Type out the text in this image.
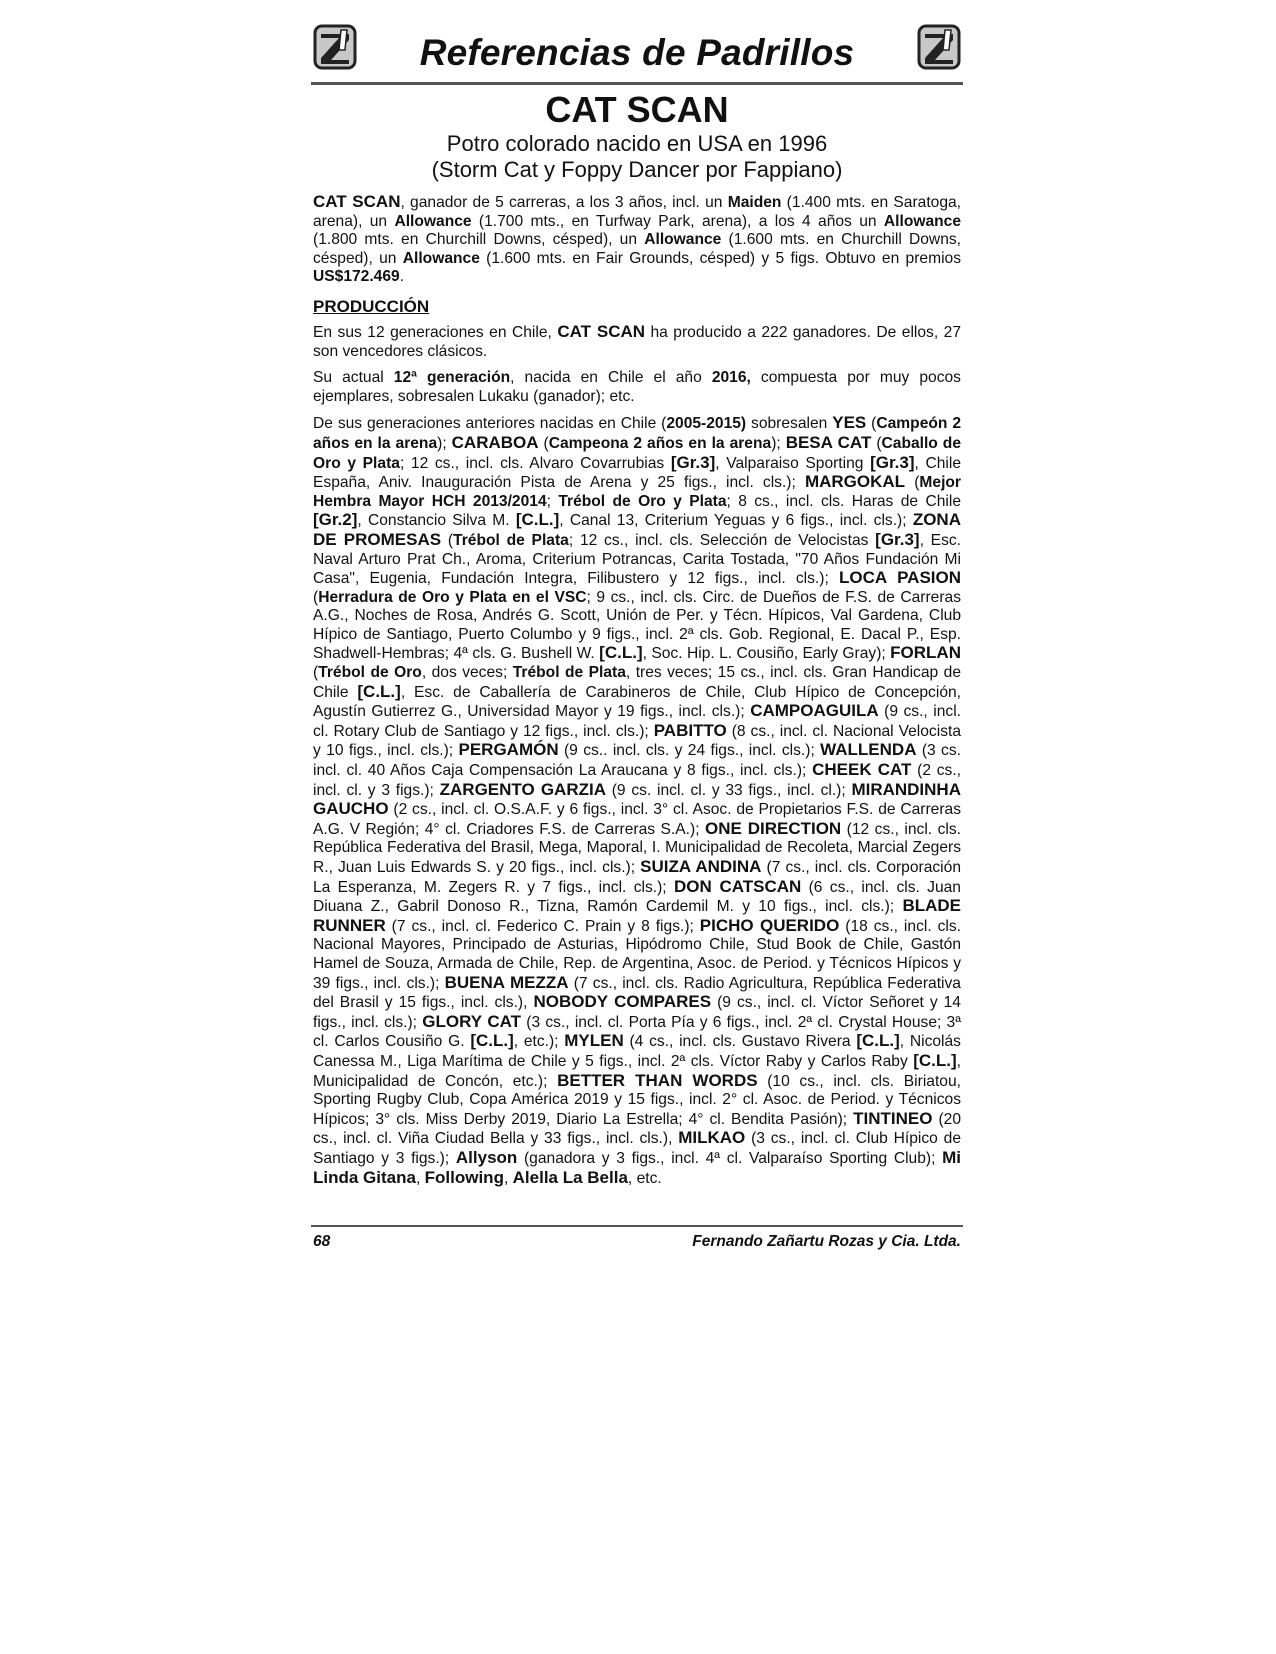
Referencias de Padrillos
CAT SCAN
Potro colorado nacido en USA en 1996
(Storm Cat y Foppy Dancer por Fappiano)

CAT SCAN, ganador de 5 carreras, a los 3 años, incl. un Maiden (1.400 mts. en Saratoga, arena), un Allowance (1.700 mts., en Turfway Park, arena), a los 4 años un Allowance (1.800 mts. en Churchill Downs, césped), un Allowance (1.600 mts. en Churchill Downs, césped), un Allowance (1.600 mts. en Fair Grounds, césped) y 5 figs. Obtuvo en premios US$172.469.

PRODUCCIÓN

En sus 12 generaciones en Chile, CAT SCAN ha producido a 222 ganadores. De ellos, 27 son vencedores clásicos.

Su actual 12ª generación, nacida en Chile el año 2016, compuesta por muy pocos ejemplares, sobresalen Lukaku (ganador); etc.

De sus generaciones anteriores nacidas en Chile (2005-2015) sobresalen YES (Campeón 2 años en la arena); CARABOA (Campeona 2 años en la arena); BESA CAT (Caballo de Oro y Plata; 12 cs., incl. cls. Alvaro Covarrubias [Gr.3], Valparaiso Sporting [Gr.3], Chile España, Aniv. Inauguración Pista de Arena y 25 figs., incl. cls.); MARGOKAL (Mejor Hembra Mayor HCH 2013/2014; Trébol de Oro y Plata; 8 cs., incl. cls. Haras de Chile [Gr.2], Constancio Silva M. [C.L.], Canal 13, Criterium Yeguas y 6 figs., incl. cls.); ZONA DE PROMESAS (Trébol de Plata; 12 cs., incl. cls. Selección de Velocistas [Gr.3], Esc. Naval Arturo Prat Ch., Aroma, Criterium Potrancas, Carita Tostada, "70 Años Fundación Mi Casa", Eugenia, Fundación Integra, Filibustero y 12 figs., incl. cls.); LOCA PASION (Herradura de Oro y Plata en el VSC; 9 cs., incl. cls. Circ. de Dueños de F.S. de Carreras A.G., Noches de Rosa, Andrés G. Scott, Unión de Per. y Técn. Hípicos, Val Gardena, Club Hípico de Santiago, Puerto Columbo y 9 figs., incl. 2ª cls. Gob. Regional, E. Dacal P., Esp. Shadwell-Hembras; 4ª cls. G. Bushell W. [C.L.], Soc. Hip. L. Cousiño, Early Gray); FORLAN (Trébol de Oro, dos veces; Trébol de Plata, tres veces; 15 cs., incl. cls. Gran Handicap de Chile [C.L.], Esc. de Caballería de Carabineros de Chile, Club Hípico de Concepción, Agustín Gutierrez G., Universidad Mayor y 19 figs., incl. cls.); CAMPOAGUILA (9 cs., incl. cl. Rotary Club de Santiago y 12 figs., incl. cls.); PABITTO (8 cs., incl. cl. Nacional Velocista y 10 figs., incl. cls.); PERGAMÓN (9 cs.. incl. cls. y 24 figs., incl. cls.); WALLENDA (3 cs. incl. cl. 40 Años Caja Compensación La Araucana y 8 figs., incl. cls.); CHEEK CAT (2 cs., incl. cl. y 3 figs.); ZARGENTO GARZIA (9 cs. incl. cl. y 33 figs., incl. cl.); MIRANDINHA GAUCHO (2 cs., incl. cl. O.S.A.F. y 6 figs., incl. 3° cl. Asoc. de Propietarios F.S. de Carreras A.G. V Región; 4° cl. Criadores F.S. de Carreras S.A.); ONE DIRECTION (12 cs., incl. cls. República Federativa del Brasil, Mega, Maporal, I. Municipalidad de Recoleta, Marcial Zegers R., Juan Luis Edwards S. y 20 figs., incl. cls.); SUIZA ANDINA (7 cs., incl. cls. Corporación La Esperanza, M. Zegers R. y 7 figs., incl. cls.); DON CATSCAN (6 cs., incl. cls. Juan Diuana Z., Gabril Donoso R., Tizna, Ramón Cardemil M. y 10 figs., incl. cls.); BLADE RUNNER (7 cs., incl. cl. Federico C. Prain y 8 figs.); PICHO QUERIDO (18 cs., incl. cls. Nacional Mayores, Principado de Asturias, Hipódromo Chile, Stud Book de Chile, Gastón Hamel de Souza, Armada de Chile, Rep. de Argentina, Asoc. de Period. y Técnicos Hípicos y 39 figs., incl. cls.); BUENA MEZZA (7 cs., incl. cls. Radio Agricultura, República Federativa del Brasil y 15 figs., incl. cls.), NOBODY COMPARES (9 cs., incl. cl. Víctor Señoret y 14 figs., incl. cls.); GLORY CAT (3 cs., incl. cl. Porta Pía y 6 figs., incl. 2ª cl. Crystal House; 3ª cl. Carlos Cousiño G. [C.L.], etc.); MYLEN (4 cs., incl. cls. Gustavo Rivera [C.L.], Nicolás Canessa M., Liga Marítima de Chile y 5 figs., incl. 2ª cls. Víctor Raby y Carlos Raby [C.L.], Municipalidad de Concón, etc.); BETTER THAN WORDS (10 cs., incl. cls. Biriatou, Sporting Rugby Club, Copa América 2019 y 15 figs., incl. 2° cl. Asoc. de Period. y Técnicos Hípicos; 3° cls. Miss Derby 2019, Diario La Estrella; 4° cl. Bendita Pasión); TINTINEO (20 cs., incl. cl. Viña Ciudad Bella y 33 figs., incl. cls.), MILKAO (3 cs., incl. cl. Club Hípico de Santiago y 3 figs.); Allyson (ganadora y 3 figs., incl. 4ª cl. Valparaíso Sporting Club); Mi Linda Gitana, Following, Alella La Bella, etc.

68	Fernando Zañartu Rozas y Cia. Ltda.
